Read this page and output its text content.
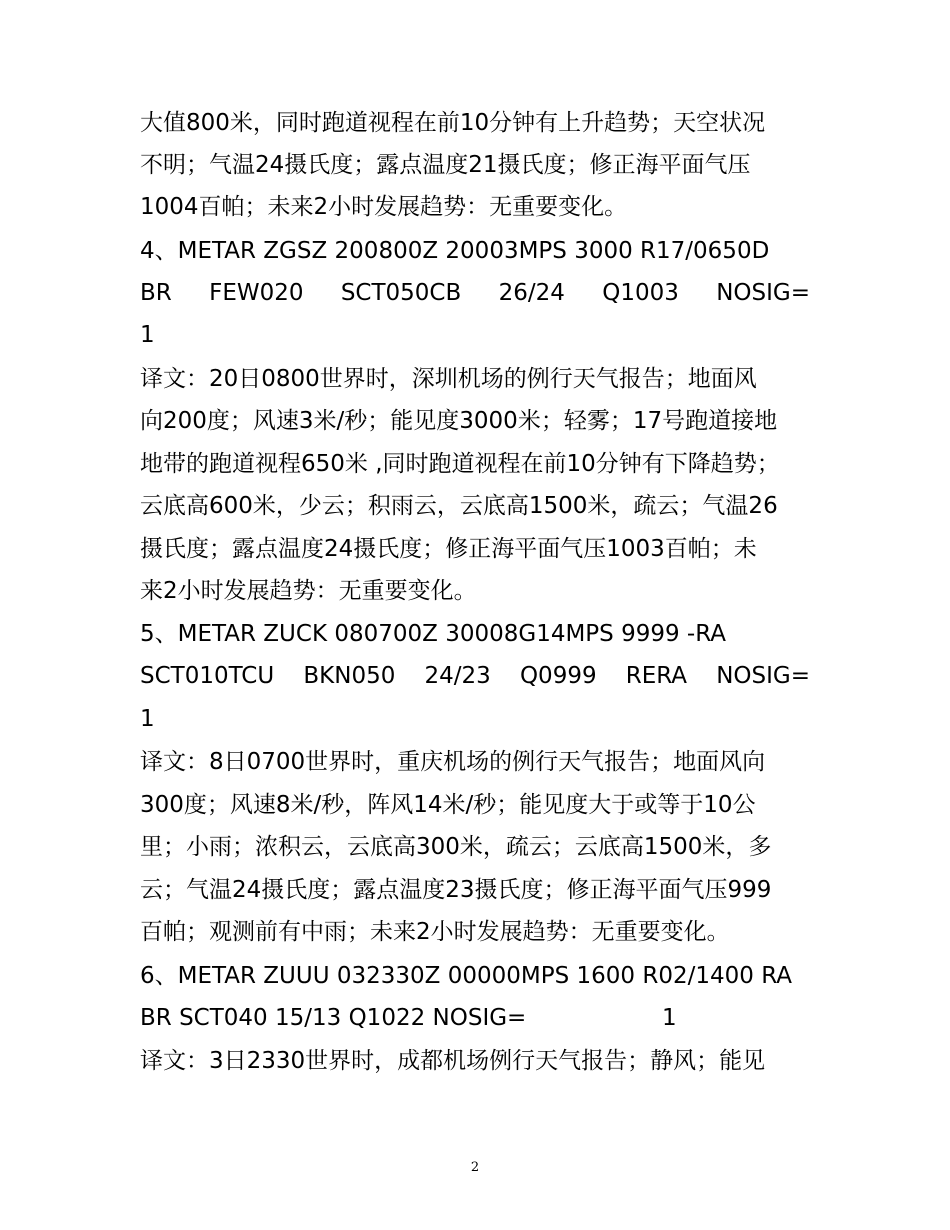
大值800米，同时跑道视程在前10分钟有上升趋势；天空状况
不明；气温24摄氏度；露点温度21摄氏度；修正海平面气压
1004百帕；未来2小时发展趋势：无重要变化。
4、METAR ZGSZ 200800Z 20003MPS 3000 R17/0650D
BR FEW020 SCT050CB 26/24 Q1003 NOSIG=
1
译文：20日0800世界时，深圳机场的例行天气报告；地面风
向200度；风速3米/秒；能见度3000米；轻雾；17号跑道接地
地带的跑道视程650米 ,同时跑道视程在前10分钟有下降趋势；
云底高600米，少云；积雨云，云底高1500米，疏云；气温26
摄氏度；露点温度24摄氏度；修正海平面气压1003百帕；未
来2小时发展趋势：无重要变化。
5、METAR ZUCK 080700Z 30008G14MPS 9999 -RA
SCT010TCU BKN050 24/23 Q0999 RERA NOSIG=
1
译文：8日0700世界时，重庆机场的例行天气报告；地面风向
300度；风速8米/秒，阵风14米/秒；能见度大于或等于10公
里；小雨；浓积云，云底高300米，疏云；云底高1500米，多
云；气温24摄氏度；露点温度23摄氏度；修正海平面气压999
百帕；观测前有中雨；未来2小时发展趋势：无重要变化。
6、METAR ZUUU 032330Z 00000MPS 1600 R02/1400 RA
BR SCT040 15/13 Q1022 NOSIG=	1
译文：3日2330世界时，成都机场例行天气报告；静风；能见
2
